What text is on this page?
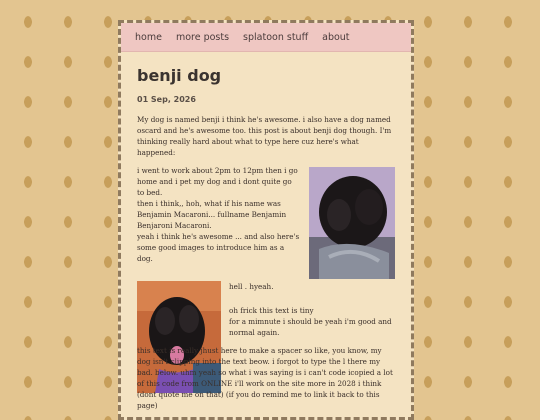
home more posts splatoon stuff about
benji dog
01 Sep, 2026

My dog is named benji i think he's awesome. i also have a dog named oscard and he's awesome too. this post is about benji dog though. I'm thinking really hard about what to type here cuz here's what happened:

i went to work about 2pm to 12pm then i go home and i pet my dog and i dont quite go to bed.
then i think,, hoh, what if his name was Benjamin Macaroni... fullname Benjamin Benjaroni Macaroni.
yeah i think he's awesome ... and also here's some good images to introduce him as a dog.

hell . hyeah.

oh frick this text is tiny
for a mimnute i should be yeah i'm good and normal again.

this text is really jhust here to make a spacer so like, you know, my dog isn't clipping into the text beow. i forgot to type the l there my bad. below. uhm yeah so what i was saying is i can't code icopied a lot of this code from ONLINE i'll work on the site more in 2028 i think (dont quote me on that) (if you do remind me to link it back to this page)
